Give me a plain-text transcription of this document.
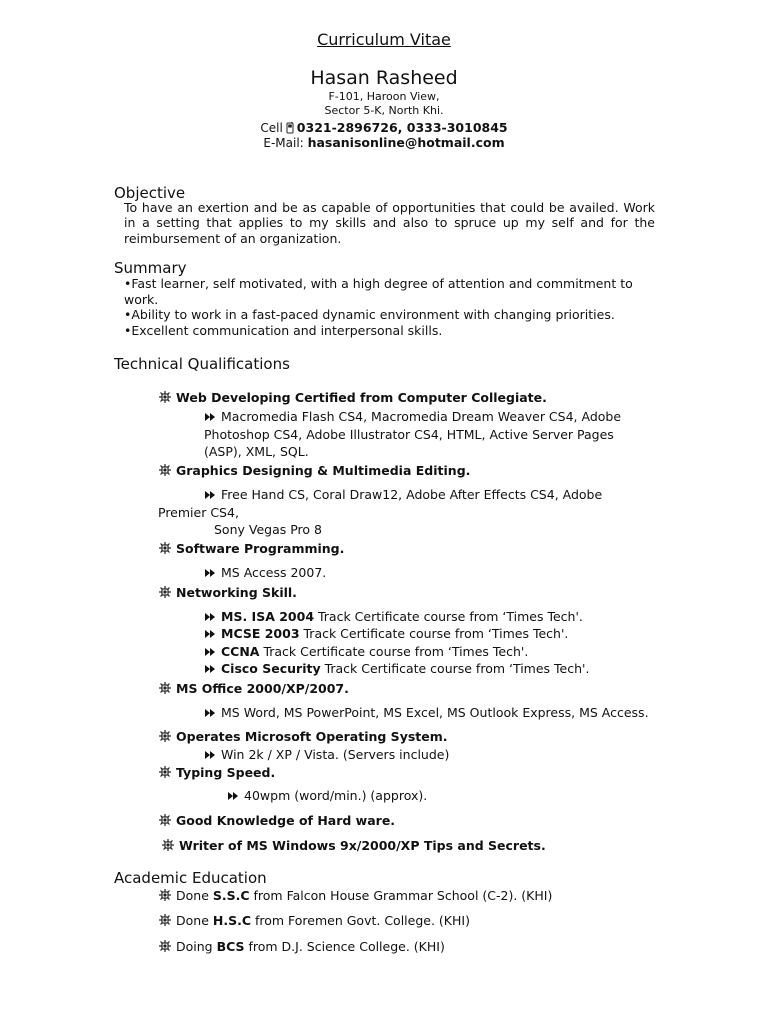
Curriculum Vitae
Hasan Rasheed
F-101, Haroon View,
Sector 5-K, North Khi.
Cell 0321-2896726, 0333-3010845
E-Mail: hasanisonline@hotmail.com
Objective
To have an exertion and be as capable of opportunities that could be availed. Work
in a setting that applies to my skills and also to spruce up my self and for the
reimbursement of an organization.
Summary
•Fast learner, self motivated, with a high degree of attention and commitment to work.
•Ability to work in a fast-paced dynamic environment with changing priorities.
•Excellent communication and interpersonal skills.
Technical Qualifications
Web Developing Certified from Computer Collegiate.
Macromedia Flash CS4, Macromedia Dream Weaver CS4, Adobe
Photoshop CS4, Adobe Illustrator CS4, HTML, Active Server Pages
(ASP), XML, SQL.
Graphics Designing & Multimedia Editing.
Free Hand CS, Coral Draw12, Adobe After Effects CS4, Adobe
Premier CS4,
Sony Vegas Pro 8
Software Programming.
MS Access 2007.
Networking Skill.
MS. ISA 2004 Track Certificate course from ‘Times Tech'.
MCSE 2003 Track Certificate course from ‘Times Tech'.
CCNA Track Certificate course from ‘Times Tech'.
Cisco Security Track Certificate course from ‘Times Tech'.
MS Office 2000/XP/2007.
MS Word, MS PowerPoint, MS Excel, MS Outlook Express, MS Access.
Operates Microsoft Operating System.
Win 2k / XP / Vista. (Servers include)
Typing Speed.
40wpm (word/min.) (approx).
Good Knowledge of Hard ware.
Writer of MS Windows 9x/2000/XP Tips and Secrets.
Academic Education
Done S.S.C from Falcon House Grammar School (C-2). (KHI)
Done H.S.C from Foremen Govt. College. (KHI)
Doing BCS from D.J. Science College. (KHI)
